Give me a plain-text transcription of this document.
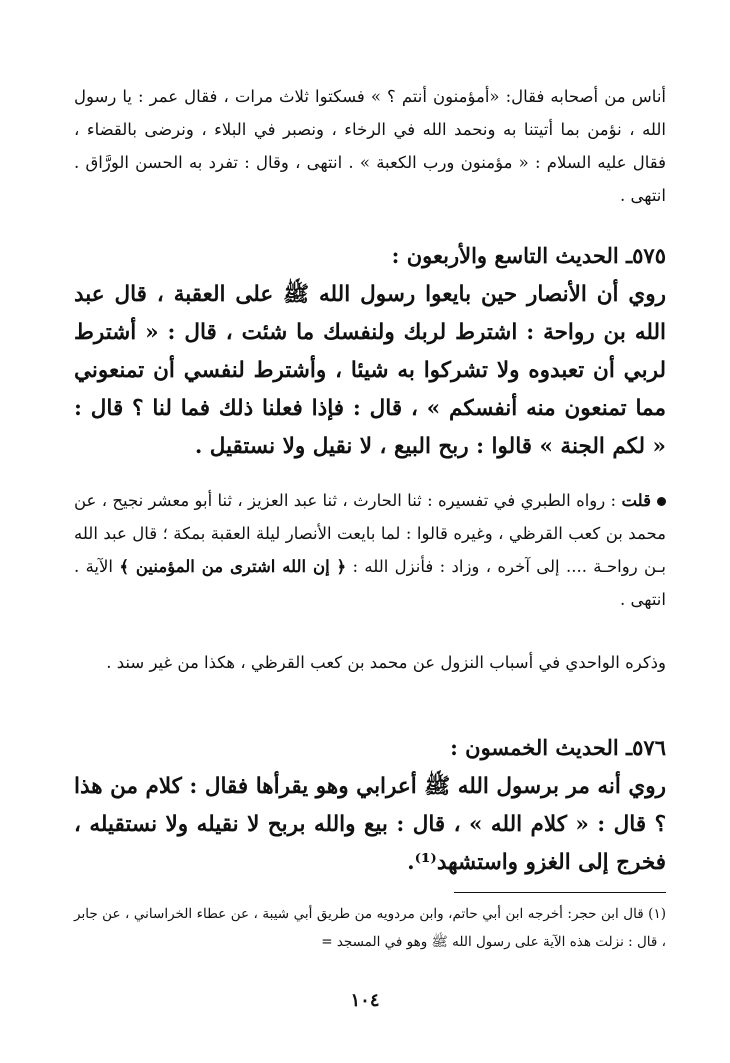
أناس من أصحابه فقال: «أمؤمنون أنتم ؟ » فسكتوا ثلاث مرات ، فقال عمر : يا رسول الله ، نؤمن بما أتيتنا به ونحمد الله في الرخاء ، ونصبر في البلاء ، ونرضى بالقضاء ، فقال عليه السلام : « مؤمنون ورب الكعبة » . انتهى ، وقال : تفرد به الحسن الورَّاق . انتهى .
٥٧٥ـ الحديث التاسع والأربعون :
روي أن الأنصار حين بايعوا رسول الله ﷺ على العقبة ، قال عبد الله بن رواحة : اشترط لربك ولنفسك ما شئت ، قال : « أشترط لربي أن تعبدوه ولا تشركوا به شيئا ، وأشترط لنفسي أن تمنعوني مما تمنعون منه أنفسكم » ، قال : فإذا فعلنا ذلك فما لنا ؟ قال : « لكم الجنة » قالوا : ربح البيع ، لا نقيل ولا نستقيل .
قلت : رواه الطبري في تفسيره : ثنا الحارث ، ثنا عبد العزيز ، ثنا أبو معشر نجيح ، عن محمد بن كعب القرظي ، وغيره قالوا : لما بايعت الأنصار ليلة العقبة بمكة ؛ قال عبد الله بـن رواحـة .... إلى آخره ، وزاد : فأنزل الله : ﴿ إن الله اشترى من المؤمنين ﴾ الآية . انتهى .
وذكره الواحدي في أسباب النزول عن محمد بن كعب القرظي ، هكذا من غير سند .
٥٧٦ـ الحديث الخمسون :
روي أنه مر برسول الله ﷺ أعرابي وهو يقرأها فقال : كلام من هذا ؟ قال : « كلام الله » ، قال : بيع والله بربح لا نقيله ولا نستقيله ، فخرج إلى الغزو واستشهد⁽¹⁾.
(١) قال ابن حجر: أخرجه ابن أبي حاتم، وابن مردويه من طريق أبي شيبة ، عن عطاء الخراساني ، عن جابر ، قال : نزلت هذه الآية على رسول الله ﷺ وهو في المسجد =
١٠٤
